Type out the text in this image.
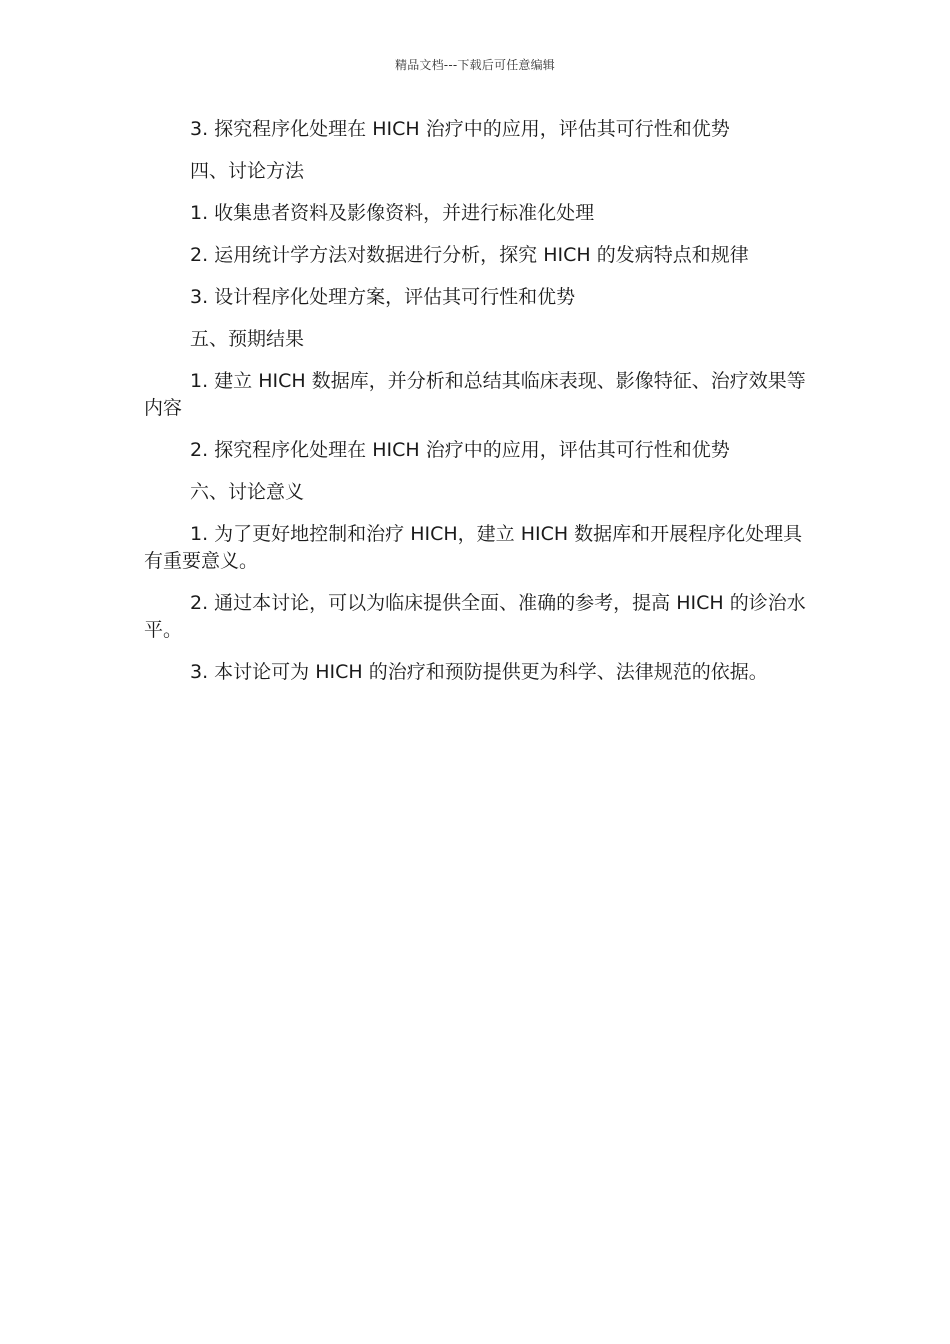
精品文档---下载后可任意编辑

3. 探究程序化处理在 HICH 治疗中的应用，评估其可行性和优势

四、讨论方法

1. 收集患者资料及影像资料，并进行标准化处理

2. 运用统计学方法对数据进行分析，探究 HICH 的发病特点和规律

3. 设计程序化处理方案，评估其可行性和优势

五、预期结果

1. 建立 HICH 数据库，并分析和总结其临床表现、影像特征、治疗效果等内容

2. 探究程序化处理在 HICH 治疗中的应用，评估其可行性和优势

六、讨论意义

1. 为了更好地控制和治疗 HICH，建立 HICH 数据库和开展程序化处理具有重要意义。

2. 通过本讨论，可以为临床提供全面、准确的参考，提高 HICH 的诊治水平。

3. 本讨论可为 HICH 的治疗和预防提供更为科学、法律规范的依据。
